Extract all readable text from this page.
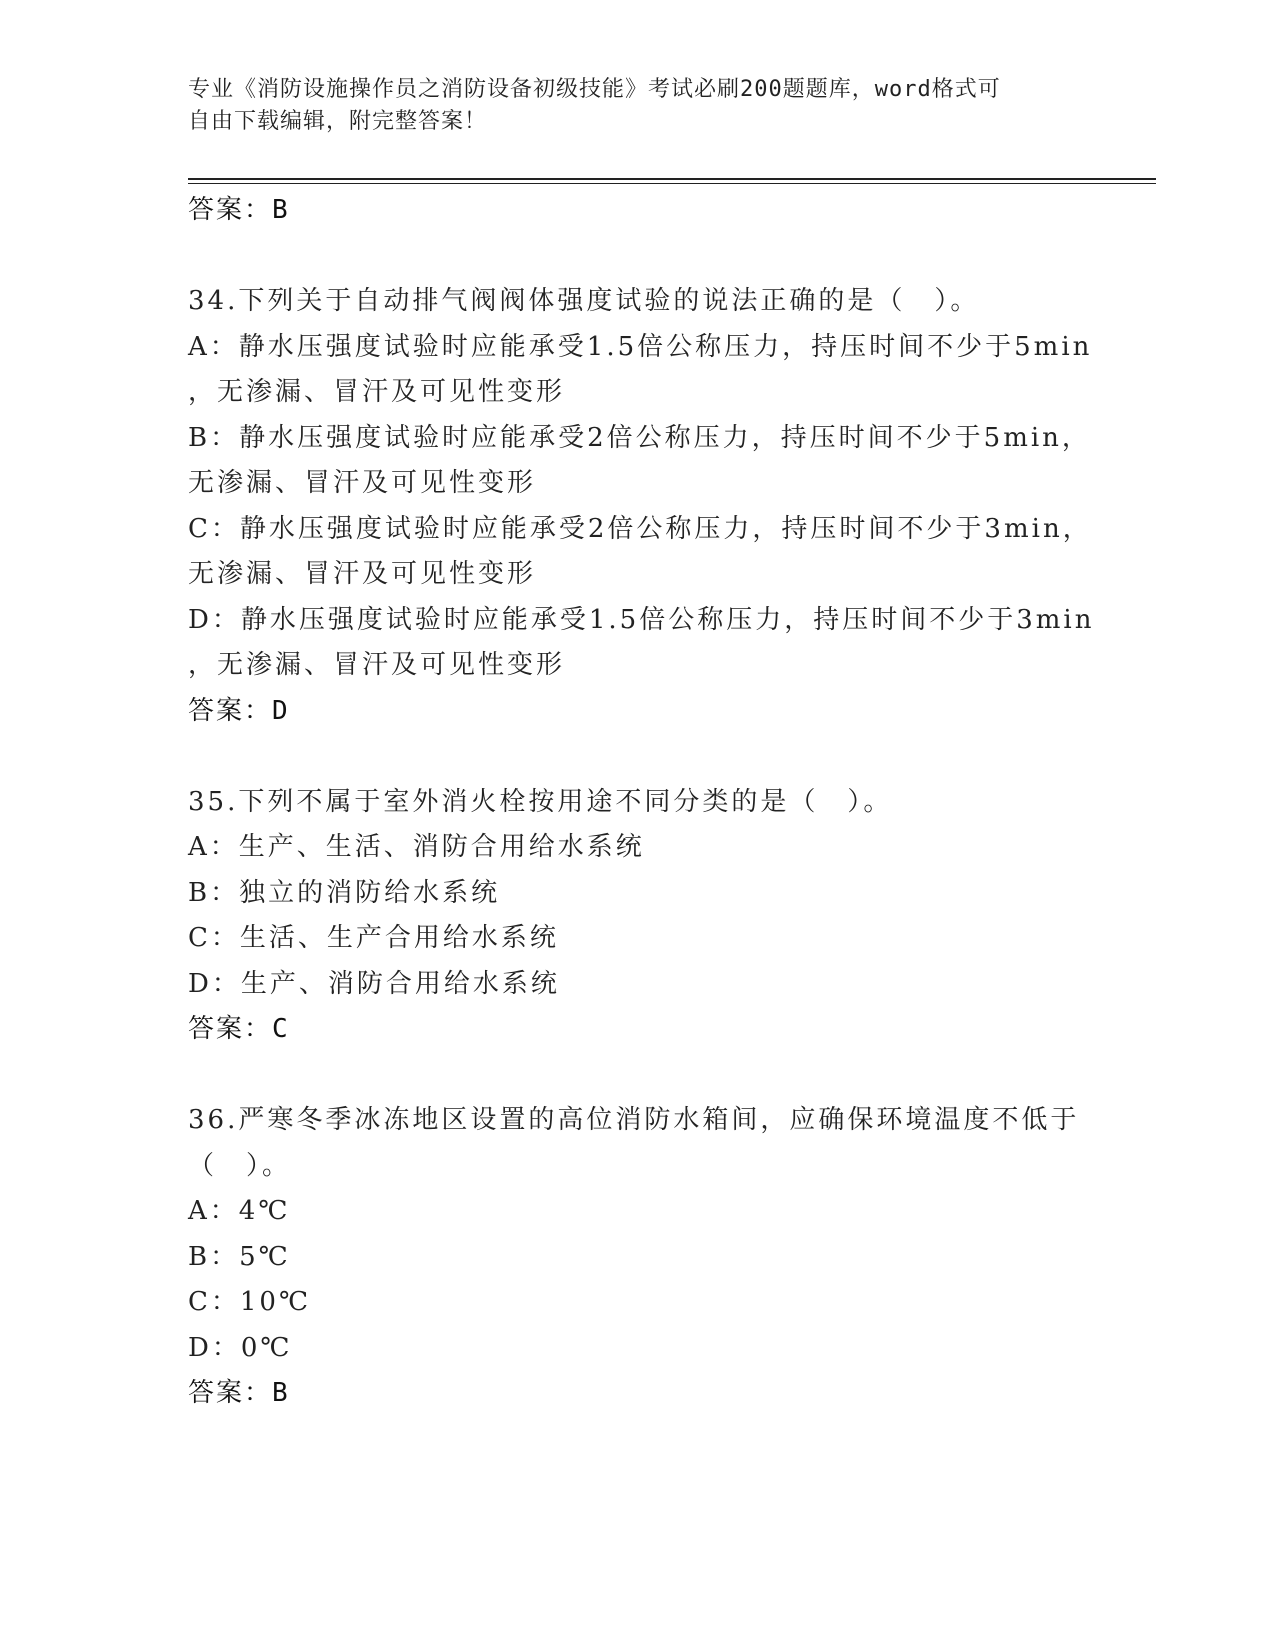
专业《消防设施操作员之消防设备初级技能》考试必刷200题题库，word格式可
自由下载编辑，附完整答案！
答案：B
34.下列关于自动排气阀阀体强度试验的说法正确的是（　）。
A：静水压强度试验时应能承受1.5倍公称压力，持压时间不少于5min
，无渗漏、冒汗及可见性变形
B：静水压强度试验时应能承受2倍公称压力，持压时间不少于5min，
无渗漏、冒汗及可见性变形
C：静水压强度试验时应能承受2倍公称压力，持压时间不少于3min，
无渗漏、冒汗及可见性变形
D：静水压强度试验时应能承受1.5倍公称压力，持压时间不少于3min
，无渗漏、冒汗及可见性变形
答案：D
35.下列不属于室外消火栓按用途不同分类的是（　）。
A：生产、生活、消防合用给水系统
B：独立的消防给水系统
C：生活、生产合用给水系统
D：生产、消防合用给水系统
答案：C
36.严寒冬季冰冻地区设置的高位消防水箱间，应确保环境温度不低于
（　）。
A：4℃
B：5℃
C：10℃
D：0℃
答案：B
